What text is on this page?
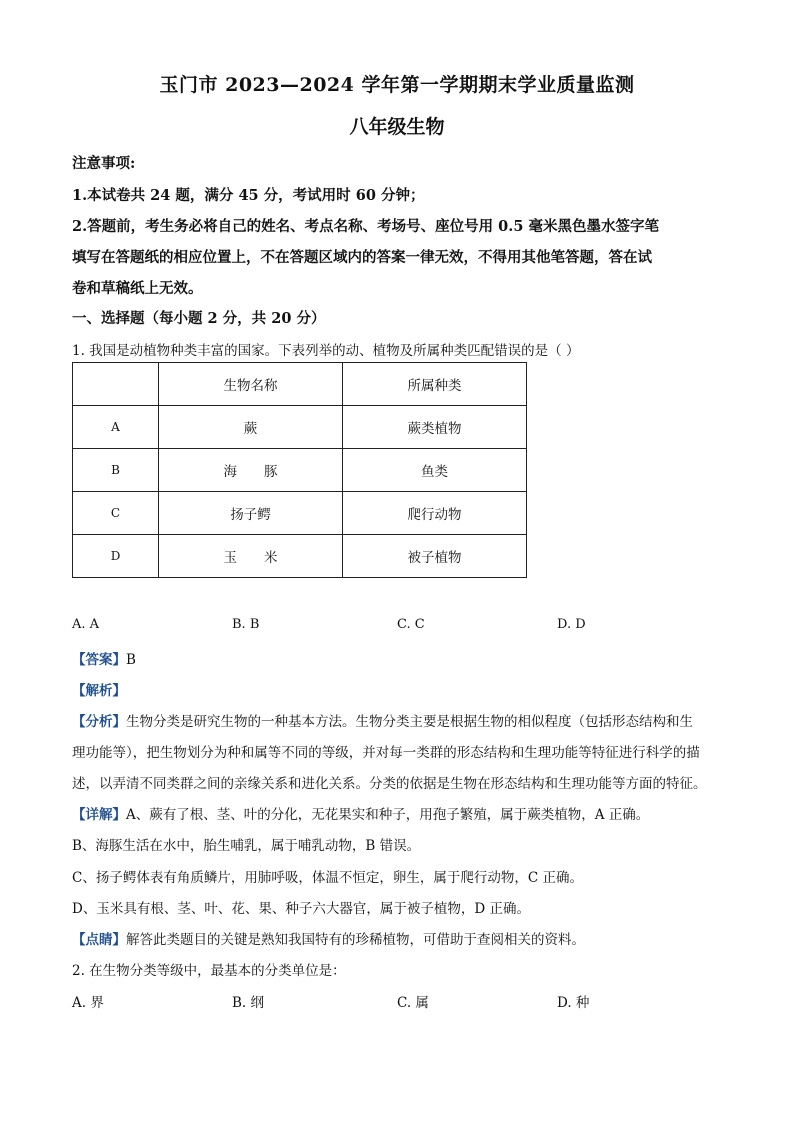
玉门市 2023—2024 学年第一学期期末学业质量监测
八年级生物
注意事项:
1.本试卷共 24 题，满分 45 分，考试用时 60 分钟；
2.答题前，考生务必将自己的姓名、考点名称、考场号、座位号用 0.5 毫米黑色墨水签字笔
填写在答题纸的相应位置上，不在答题区域内的答案一律无效，不得用其他笔答题，答在试
卷和草稿纸上无效。
一、选择题（每小题 2 分，共 20 分）
1. 我国是动植物种类丰富的国家。下表列举的动、植物及所属种类匹配错误的是（ ）
	生物名称	所属种类
A	蕨	蕨类植物
B	海　　豚	鱼类
C	扬子鳄	爬行动物
D	玉　　米	被子植物
A. A	B. B	C. C	D. D
【答案】B
【解析】
【分析】生物分类是研究生物的一种基本方法。生物分类主要是根据生物的相似程度（包括形态结构和生
理功能等），把生物划分为种和属等不同的等级，并对每一类群的形态结构和生理功能等特征进行科学的描
述，以弄清不同类群之间的亲缘关系和进化关系。分类的依据是生物在形态结构和生理功能等方面的特征。
【详解】A、蕨有了根、茎、叶的分化，无花果实和种子，用孢子繁殖，属于蕨类植物，A 正确。
B、海豚生活在水中，胎生哺乳，属于哺乳动物，B 错误。
C、扬子鳄体表有角质鳞片，用肺呼吸，体温不恒定，卵生，属于爬行动物，C 正确。
D、玉米具有根、茎、叶、花、果、种子六大器官，属于被子植物，D 正确。
【点睛】解答此类题目的关键是熟知我国特有的珍稀植物，可借助于查阅相关的资料。
2. 在生物分类等级中，最基本的分类单位是：
A. 界	B. 纲	C. 属	D. 种
